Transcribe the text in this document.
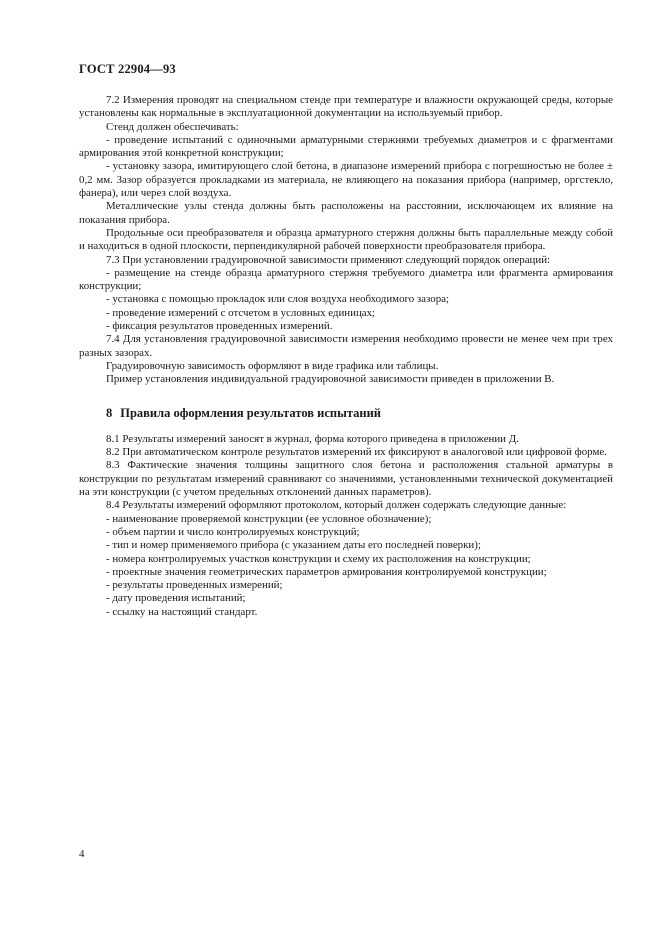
ГОСТ 22904—93

7.2 Измерения проводят на специальном стенде при температуре и влажности окружающей среды, которые установлены как нормальные в эксплуатационной документации на используемый прибор.

Стенд должен обеспечивать:

- проведение испытаний с одиночными арматурными стержнями требуемых диаметров и с фрагментами армирования этой конкретной конструкции;

- установку зазора, имитирующего слой бетона, в диапазоне измерений прибора с погрешностью не более ± 0,2 мм. Зазор образуется прокладками из материала, не влияющего на показания прибора (например, оргстекло, фанера), или через слой воздуха.

Металлические узлы стенда должны быть расположены на расстоянии, исключающем их влияние на показания прибора.

Продольные оси преобразователя и образца арматурного стержня должны быть параллельные между собой и находиться в одной плоскости, перпендикулярной рабочей поверхности преобразователя прибора.

7.3 При установлении градуировочной зависимости применяют следующий порядок операций:

- размещение на стенде образца арматурного стержня требуемого диаметра или фрагмента армирования конструкции;

- установка с помощью прокладок или слоя воздуха необходимого зазора;

- проведение измерений с отсчетом в условных единицах;

- фиксация результатов проведенных измерений.

7.4 Для установления градуировочной зависимости измерения необходимо провести не менее чем при трех разных зазорах.

Градуировочную зависимость оформляют в виде графика или таблицы.

Пример установления индивидуальной градуировочной зависимости приведен в приложении В.

8 Правила оформления результатов испытаний

8.1 Результаты измерений заносят в журнал, форма которого приведена в приложении Д.

8.2 При автоматическом контроле результатов измерений их фиксируют в аналоговой или цифровой форме.

8.3 Фактические значения толщины защитного слоя бетона и расположения стальной арматуры в конструкции по результатам измерений сравнивают со значениями, установленными технической документацией на эти конструкции (с учетом предельных отклонений данных параметров).

8.4 Результаты измерений оформляют протоколом, который должен содержать следующие данные:

- наименование проверяемой конструкции (ее условное обозначение);

- объем партии и число контролируемых конструкций;

- тип и номер применяемого прибора (с указанием даты его последней поверки);

- номера контролируемых участков конструкции и схему их расположения на конструкции;

- проектные значения геометрических параметров армирования контролируемой конструкции;

- результаты проведенных измерений;

- дату проведения испытаний;

- ссылку на настоящий стандарт.

4
